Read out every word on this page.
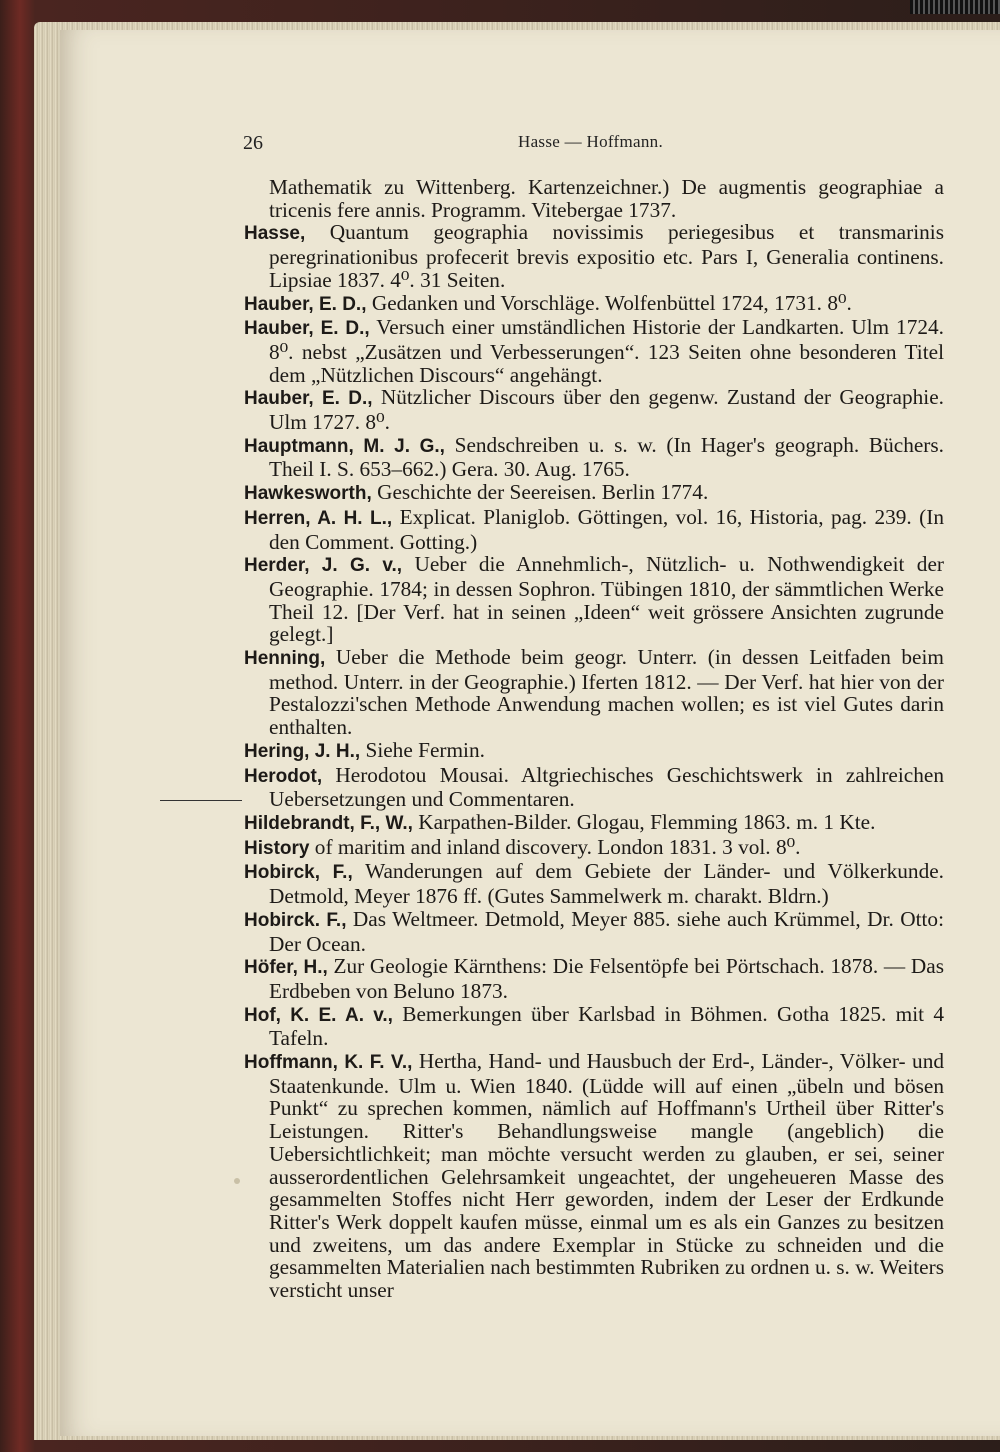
26	Hasse — Hoffmann.

Mathematik zu Wittenberg. Kartenzeichner.) De augmentis geographiae a tricenis fere annis. Programm. Vitebergae 1737.

Hasse, Quantum geographia novissimis periegesibus et transmarinis peregrinationibus profecerit brevis expositio etc. Pars I, Generalia continens. Lipsiae 1837. 4⁰. 31 Seiten.

Hauber, E. D., Gedanken und Vorschläge. Wolfenbüttel 1724, 1731. 8⁰.

Hauber, E. D., Versuch einer umständlichen Historie der Landkarten. Ulm 1724. 8⁰. nebst „Zusätzen und Verbesserungen“. 123 Seiten ohne besonderen Titel dem „Nützlichen Discours“ angehängt.

Hauber, E. D., Nützlicher Discours über den gegenw. Zustand der Geographie. Ulm 1727. 8⁰.

Hauptmann, M. J. G., Sendschreiben u. s. w. (In Hager's geograph. Büchers. Theil I. S. 653–662.) Gera. 30. Aug. 1765.

Hawkesworth, Geschichte der Seereisen. Berlin 1774.

Herren, A. H. L., Explicat. Planiglob. Göttingen, vol. 16, Historia, pag. 239. (In den Comment. Gotting.)

Herder, J. G. v., Ueber die Annehmlich-, Nützlich- u. Nothwendigkeit der Geographie. 1784; in dessen Sophron. Tübingen 1810, der sämmtlichen Werke Theil 12. [Der Verf. hat in seinen „Ideen“ weit grössere Ansichten zugrunde gelegt.]

Henning, Ueber die Methode beim geogr. Unterr. (in dessen Leitfaden beim method. Unterr. in der Geographie.) Iferten 1812. — Der Verf. hat hier von der Pestalozzi'schen Methode Anwendung machen wollen; es ist viel Gutes darin enthalten.

Hering, J. H., Siehe Fermin.

Herodot, Herodotou Mousai. Altgriechisches Geschichtswerk in zahlreichen Uebersetzungen und Commentaren.

Hildebrandt, F., W., Karpathen-Bilder. Glogau, Flemming 1863. m. 1 Kte.

History of maritim and inland discovery. London 1831. 3 vol. 8⁰.

Hobirck, F., Wanderungen auf dem Gebiete der Länder- und Völkerkunde. Detmold, Meyer 1876 ff. (Gutes Sammelwerk m. charakt. Bldrn.)

Hobirck. F., Das Weltmeer. Detmold, Meyer 885. siehe auch Krümmel, Dr. Otto: Der Ocean.

Höfer, H., Zur Geologie Kärnthens: Die Felsentöpfe bei Pörtschach. 1878. — Das Erdbeben von Beluno 1873.

Hof, K. E. A. v., Bemerkungen über Karlsbad in Böhmen. Gotha 1825. mit 4 Tafeln.

Hoffmann, K. F. V., Hertha, Hand- und Hausbuch der Erd-, Länder-, Völker- und Staatenkunde. Ulm u. Wien 1840. (Lüdde will auf einen „übeln und bösen Punkt“ zu sprechen kommen, nämlich auf Hoffmann's Urtheil über Ritter's Leistungen. Ritter's Behandlungsweise mangle (angeblich) die Uebersichtlichkeit; man möchte versucht werden zu glauben, er sei, seiner ausserordentlichen Gelehrsamkeit ungeachtet, der ungeheueren Masse des gesammelten Stoffes nicht Herr geworden, indem der Leser der Erdkunde Ritter's Werk doppelt kaufen müsse, einmal um es als ein Ganzes zu besitzen und zweitens, um das andere Exemplar in Stücke zu schneiden und die gesammelten Materialien nach bestimmten Rubriken zu ordnen u. s. w. Weiters versticht unser
